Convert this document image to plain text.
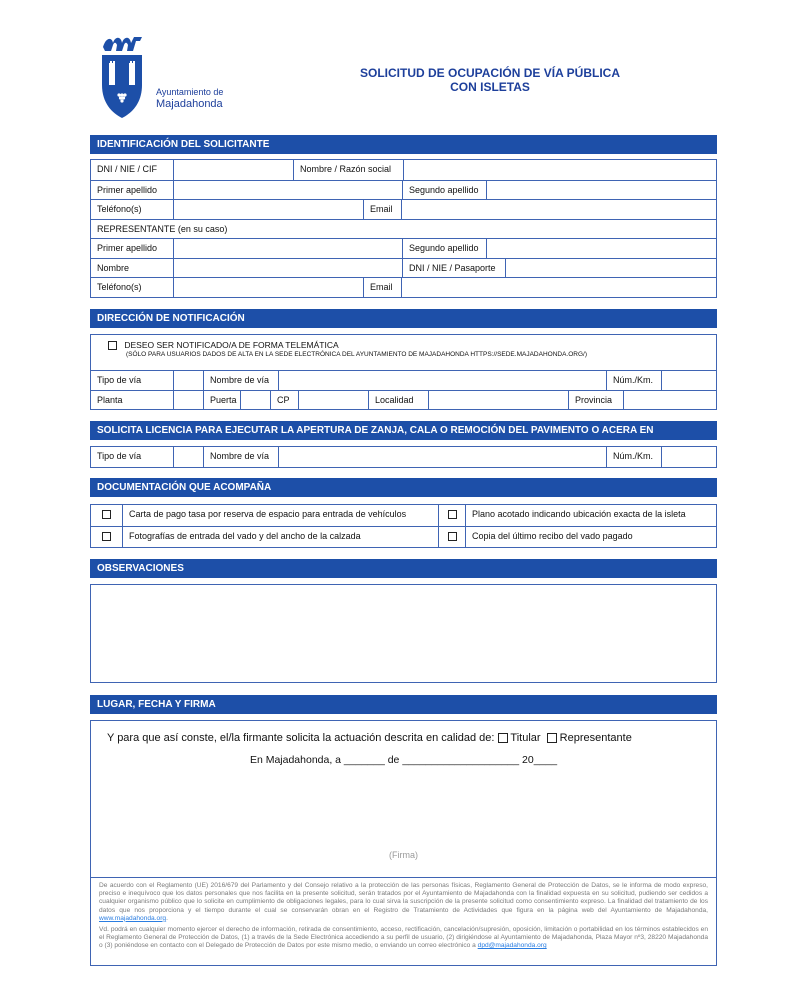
Ayuntamiento de
Majadahonda
SOLICITUD DE OCUPACIÓN DE VÍA PÚBLICA
CON ISLETAS
IDENTIFICACIÓN DEL SOLICITANTE
DNI / NIE / CIF	Nombre / Razón social
Primer apellido	Segundo apellido
Teléfono(s)	Email
REPRESENTANTE (en su caso)
Primer apellido	Segundo apellido
Nombre	DNI / NIE / Pasaporte
Teléfono(s)	Email
DIRECCIÓN DE NOTIFICACIÓN
DESEO SER NOTIFICADO/A DE FORMA TELEMÁTICA
(SÓLO PARA USUARIOS DADOS DE ALTA EN LA SEDE ELECTRÓNICA DEL AYUNTAMIENTO DE MAJADAHONDA HTTPS://SEDE.MAJADAHONDA.ORG/)
Tipo de vía	Nombre de vía	Núm./Km.
Planta	Puerta	CP	Localidad	Provincia
SOLICITA LICENCIA PARA EJECUTAR LA APERTURA DE ZANJA, CALA O REMOCIÓN DEL PAVIMENTO O ACERA EN
Tipo de vía	Nombre de vía	Núm./Km.
DOCUMENTACIÓN QUE ACOMPAÑA
Carta de pago tasa por reserva de espacio para entrada de vehículos	Plano acotado indicando ubicación exacta de la isleta
Fotografías de entrada del vado y del ancho de la calzada	Copia del último recibo del vado pagado
OBSERVACIONES
LUGAR, FECHA Y FIRMA
Y para que así conste, el/la firmante solicita la actuación descrita en calidad de: Titular Representante
En Majadahonda, a _______ de ____________________ 20____
(Firma)
De acuerdo con el Reglamento (UE) 2016/679 del Parlamento y del Consejo relativo a la protección de las personas físicas, Reglamento General de Protección de Datos, se le informa de modo expreso, preciso e inequívoco que los datos personales que nos facilita en la presente solicitud, serán tratados por el Ayuntamiento de Majadahonda con la finalidad expuesta en su solicitud, pudiendo ser cedidos a cualquier organismo público que lo solicite en cumplimiento de obligaciones legales, para lo cual sirva la suscripción de la presente solicitud como consentimiento expreso. La finalidad del tratamiento de los datos que nos proporciona y el tiempo durante el cual se conservarán obran en el Registro de Tratamiento de Actividades que figura en la página web del Ayuntamiento de Majadahonda, www.majadahonda.org.
Vd. podrá en cualquier momento ejercer el derecho de información, retirada de consentimiento, acceso, rectificación, cancelación/supresión, oposición, limitación o portabilidad en los términos establecidos en el Reglamento General de Protección de Datos, (1) a través de la Sede Electrónica accediendo a su perfil de usuario, (2) dirigiéndose al Ayuntamiento de Majadahonda, Plaza Mayor nº3, 28220 Majadahonda o (3) poniéndose en contacto con el Delegado de Protección de Datos por este mismo medio, o enviando un correo electrónico a dpd@majadahonda.org
